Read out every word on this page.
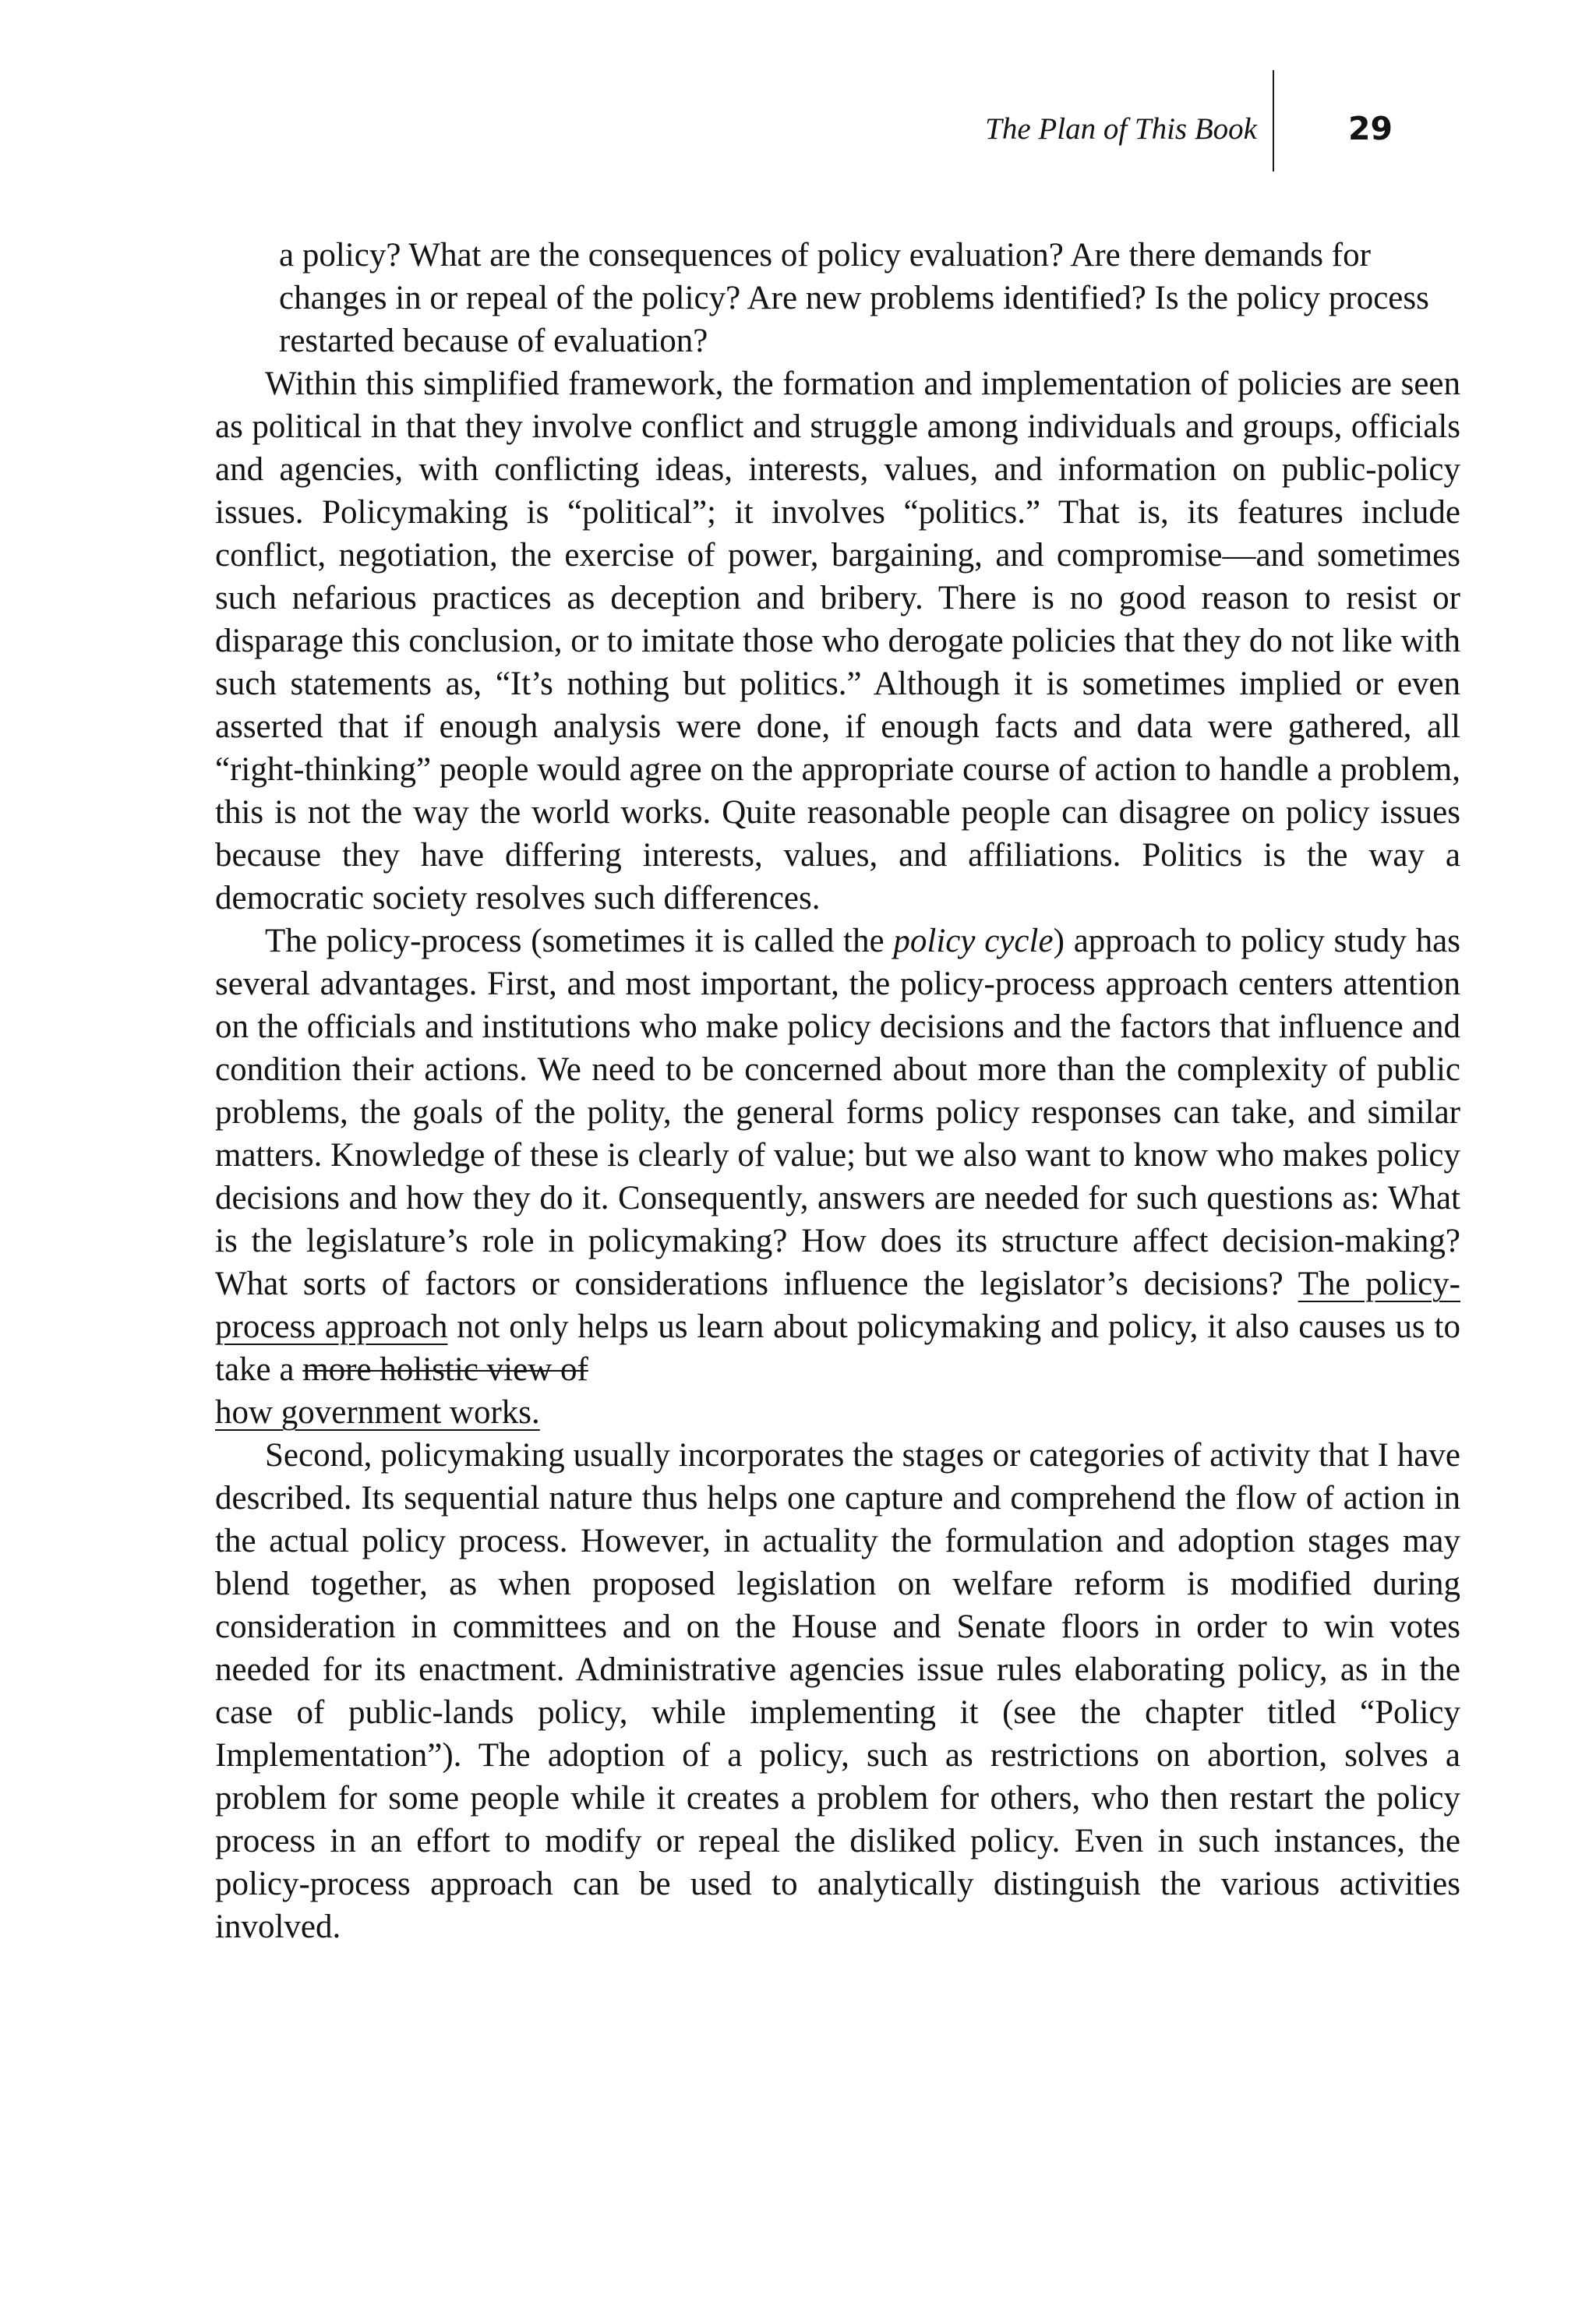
The Plan of This Book	29

a policy? What are the consequences of policy evaluation? Are there demands for changes in or repeal of the policy? Are new problems identified? Is the policy process restarted because of evaluation?

Within this simplified framework, the formation and implementation of policies are seen as political in that they involve conflict and struggle among individuals and groups, officials and agencies, with conflicting ideas, interests, values, and information on public-policy issues. Policymaking is “political”; it involves “politics.” That is, its features include conflict, negotiation, the exercise of power, bargaining, and compromise—and sometimes such nefarious practices as deception and bribery. There is no good reason to resist or disparage this conclusion, or to imitate those who derogate policies that they do not like with such statements as, “It’s nothing but politics.” Although it is sometimes implied or even asserted that if enough analysis were done, if enough facts and data were gathered, all “right-thinking” people would agree on the appropriate course of action to handle a problem, this is not the way the world works. Quite reasonable people can disagree on policy issues because they have differing interests, values, and affiliations. Politics is the way a democratic society resolves such differences.

The policy-process (sometimes it is called the policy cycle) approach to policy study has several advantages. First, and most important, the policy-process approach centers attention on the officials and institutions who make policy decisions and the factors that influence and condition their actions. We need to be concerned about more than the complexity of public problems, the goals of the polity, the general forms policy responses can take, and similar matters. Knowledge of these is clearly of value; but we also want to know who makes policy decisions and how they do it. Consequently, answers are needed for such questions as: What is the legislature’s role in policymaking? How does its structure affect decision-making? What sorts of factors or considerations influence the legislator’s decisions? The policy-process approach not only helps us learn about policymaking and policy, it also causes us to take a more holistic view of
how government works.

Second, policymaking usually incorporates the stages or categories of activity that I have described. Its sequential nature thus helps one capture and comprehend the flow of action in the actual policy process. However, in actuality the formulation and adoption stages may blend together, as when proposed legislation on welfare reform is modified during consideration in committees and on the House and Senate floors in order to win votes needed for its enactment. Administrative agencies issue rules elaborating policy, as in the case of public-lands policy, while implementing it (see the chapter titled “Policy Implementation”). The adoption of a policy, such as restrictions on abortion, solves a problem for some people while it creates a problem for others, who then restart the policy process in an effort to modify or repeal the disliked policy. Even in such instances, the policy-process approach can be used to analytically distinguish the various activities involved.
